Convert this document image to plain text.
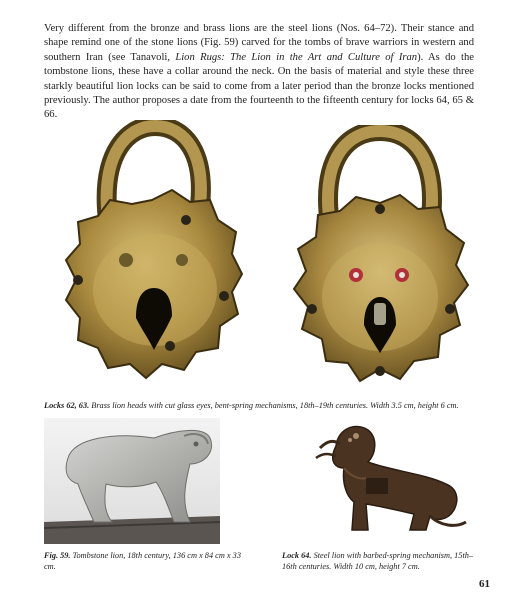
Very different from the bronze and brass lions are the steel lions (Nos. 64–72). Their stance and shape remind one of the stone lions (Fig. 59) carved for the tombs of brave warriors in western and southern Iran (see Tanavoli, Lion Rugs: The Lion in the Art and Culture of Iran). As do the tombstone lions, these have a collar around the neck. On the basis of material and style these three starkly beautiful lion locks can be said to come from a later period than the bronze locks mentioned previously. The author proposes a date from the fourteenth to the fifteenth century for locks 64, 65 & 66.

Locks 62, 63. Brass lion heads with cut glass eyes, bent-spring mechanisms, 18th–19th centuries. Width 3.5 cm, height 6 cm.

Fig. 59. Tombstone lion, 18th century, 136 cm x 84 cm x 33 cm.

Lock 64. Steel lion with barbed-spring mechanism, 15th–16th centuries. Width 10 cm, height 7 cm.

61
